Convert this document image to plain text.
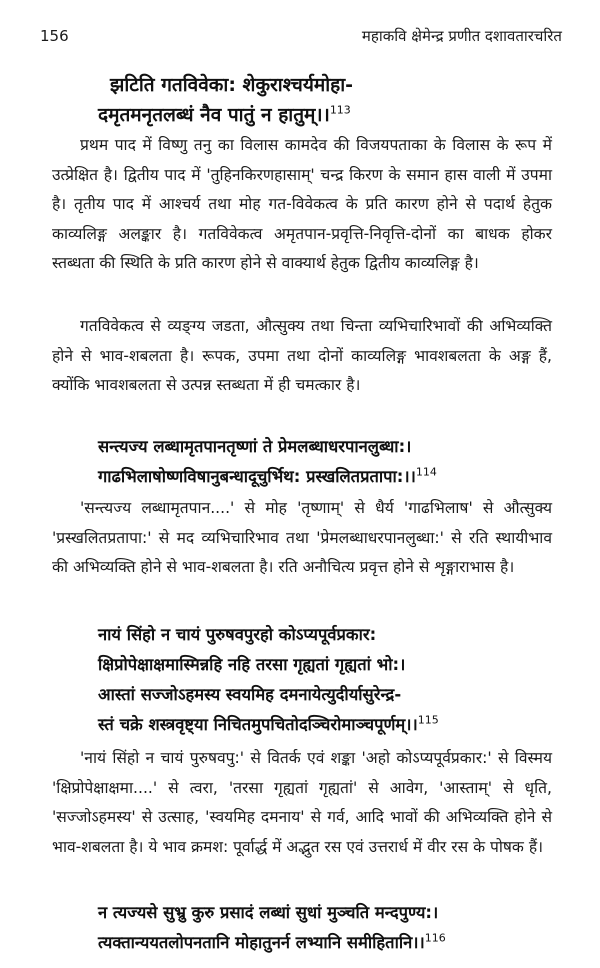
156	महाकवि क्षेमेन्द्र प्रणीत दशावतारचरित
झटिति गतविवेका: शेकुराश्चर्यमोहा-
दमृतमनृतलब्धं नैव पातुं न हातुम्।।$^{113}$

प्रथम पाद में विष्णु तनु का विलास कामदेव की विजयपताका के विलास के रूप में उत्प्रेक्षित है। द्वितीय पाद में 'तुहिनकिरणहासाम्' चन्द्र किरण के समान हास वाली में उपमा है। तृतीय पाद में आश्चर्य तथा मोह गत-विवेकत्व के प्रति कारण होने से पदार्थ हेतुक काव्यलिङ्ग अलङ्कार है। गतविवेकत्व अमृतपान-प्रवृत्ति-निवृत्ति-दोनों का बाधक होकर स्तब्धता की स्थिति के प्रति कारण होने से वाक्यार्थ हेतुक द्वितीय काव्यलिङ्ग है।

गतविवेकत्व से व्यङ्ग्य जडता, औत्सुक्य तथा चिन्ता व्यभिचारिभावों की अभिव्यक्ति होने से भाव-शबलता है। रूपक, उपमा तथा दोनों काव्यलिङ्ग भावशबलता के अङ्ग हैं, क्योंकि भावशबलता से उत्पन्न स्तब्धता में ही चमत्कार है।

सन्त्यज्य लब्धामृतपानतृष्णां ते प्रेमलब्धाधरपानलुब्धा:।
गाढभिलाषोष्णविषानुबन्धादूचुर्भिथ: प्रस्खलितप्रतापा:।।$^{114}$

'सन्त्यज्य लब्धामृतपान....' से मोह 'तृष्णाम्' से धैर्य 'गाढभिलाष' से औत्सुक्य 'प्रस्खलितप्रतापा:' से मद व्यभिचारिभाव तथा 'प्रेमलब्धाधरपानलुब्धा:' से रति स्थायीभाव की अभिव्यक्ति होने से भाव-शबलता है। रति अनौचित्य प्रवृत्त होने से शृङ्गाराभास है।

नायं सिंहो न चायं पुरुषवपुरहो कोऽप्यपूर्वप्रकार:
क्षिप्रोपेक्षाक्षमास्मिन्नहि नहि तरसा गृह्यतां गृह्यतां भो:।
आस्तां सज्जोऽहमस्य स्वयमिह दमनायेत्युदीर्यासुरेन्द्र-
स्तं चक्रे शस्त्रवृष्ट्या निचितमुपचितोदञ्चिरोमाञ्चपूर्णम्।।$^{115}$

'नायं सिंहो न चायं पुरुषवपु:' से वितर्क एवं शङ्का 'अहो कोऽप्यपूर्वप्रकार:' से विस्मय 'क्षिप्रोपेक्षाक्षमा....' से त्वरा, 'तरसा गृह्यतां गृह्यतां' से आवेग, 'आस्ताम्' से धृति, 'सज्जोऽहमस्य' से उत्साह, 'स्वयमिह दमनाय' से गर्व, आदि भावों की अभिव्यक्ति होने से भाव-शबलता है। ये भाव क्रमश: पूर्वार्द्ध में अद्भुत रस एवं उत्तरार्ध में वीर रस के पोषक हैं।

न त्यज्यसे सुभ्रु कुरु प्रसादं लब्धां सुधां मुञ्चति मन्दपुण्य:।
त्यक्तान्ययतलोपनतानि मोहातुनर्न लभ्यानि समीहितानि।।$^{116}$
